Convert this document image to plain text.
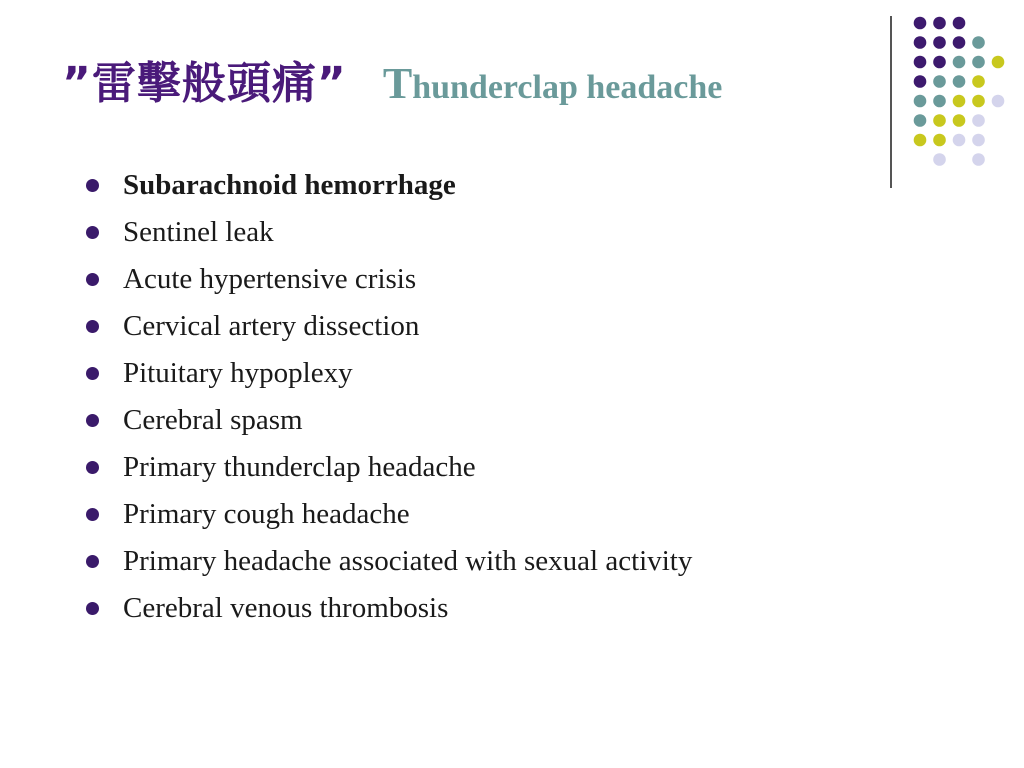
”雷擊般頭痛” Thunderclap headache
Subarachnoid hemorrhage
Sentinel leak
Acute hypertensive crisis
Cervical artery dissection
Pituitary hypoplexy
Cerebral spasm
Primary thunderclap headache
Primary cough headache
Primary headache associated with sexual activity
Cerebral venous thrombosis
